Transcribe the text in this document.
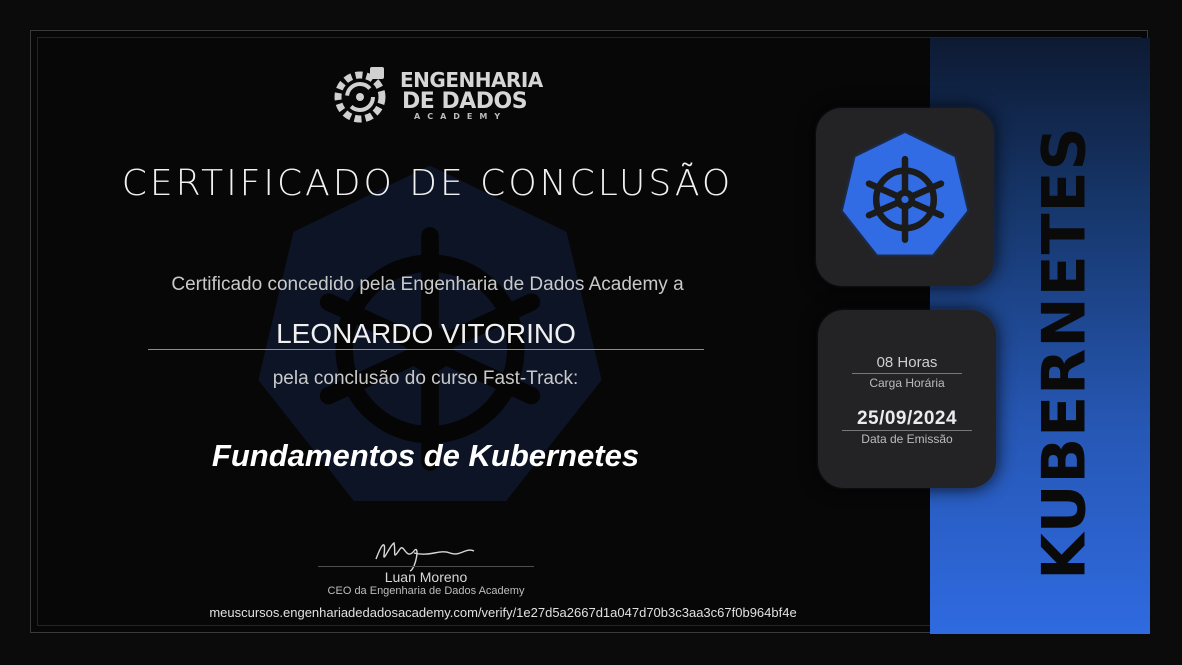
ENGENHARIA
DE DADOS
ACADEMY
CERTIFICADO DE CONCLUSÃO
Certificado concedido pela Engenharia de Dados Academy a
LEONARDO VITORINO
pela conclusão do curso Fast-Track:
Fundamentos de Kubernetes
Luan Moreno
CEO da Engenharia de Dados Academy
meuscursos.engenhariadedadosacademy.com/verify/1e27d5a2667d1a047d70b3c3aa3c67f0b964bf4e
KUBERNETES
08 Horas
Carga Horária
25/09/2024
Data de Emissão
